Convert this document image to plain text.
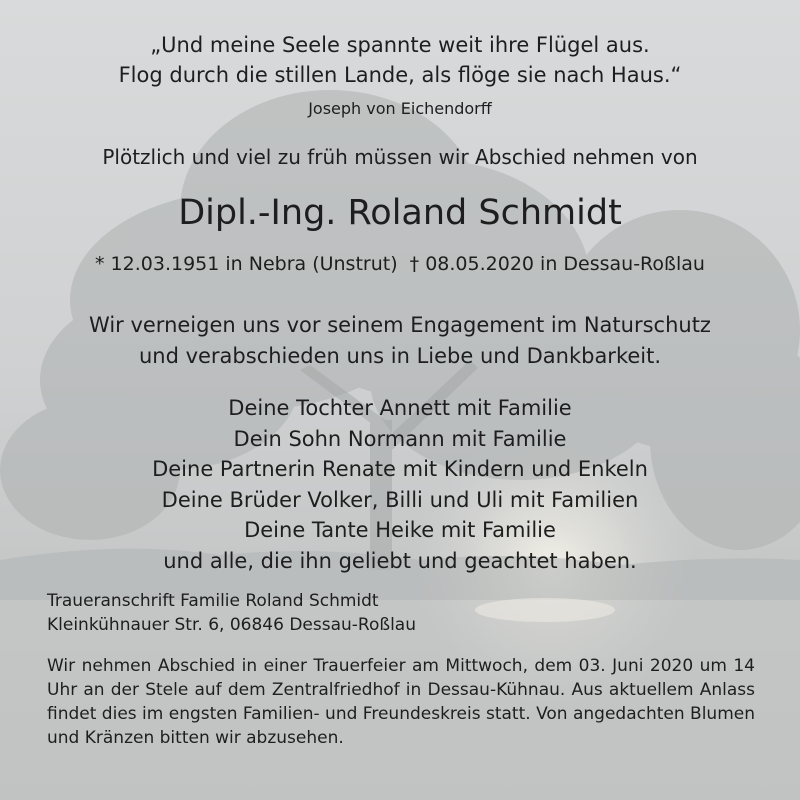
„Und meine Seele spannte weit ihre Flügel aus.
Flog durch die stillen Lande, als flöge sie nach Haus.“
Joseph von Eichendorff
Plötzlich und viel zu früh müssen wir Abschied nehmen von
Dipl.-Ing. Roland Schmidt
* 12.03.1951 in Nebra (Unstrut) † 08.05.2020 in Dessau-Roßlau
Wir verneigen uns vor seinem Engagement im Naturschutz
und verabschieden uns in Liebe und Dankbarkeit.
Deine Tochter Annett mit Familie
Dein Sohn Normann mit Familie
Deine Partnerin Renate mit Kindern und Enkeln
Deine Brüder Volker, Billi und Uli mit Familien
Deine Tante Heike mit Familie
und alle, die ihn geliebt und geachtet haben.
Traueranschrift Familie Roland Schmidt
Kleinkühnauer Str. 6, 06846 Dessau-Roßlau
Wir nehmen Abschied in einer Trauerfeier am Mittwoch, dem 03. Juni 2020 um 14 Uhr an der Stele auf dem Zentralfriedhof in Dessau-Kühnau. Aus aktuellem Anlass findet dies im engsten Familien- und Freundeskreis statt. Von angedachten Blumen und Kränzen bitten wir abzusehen.
